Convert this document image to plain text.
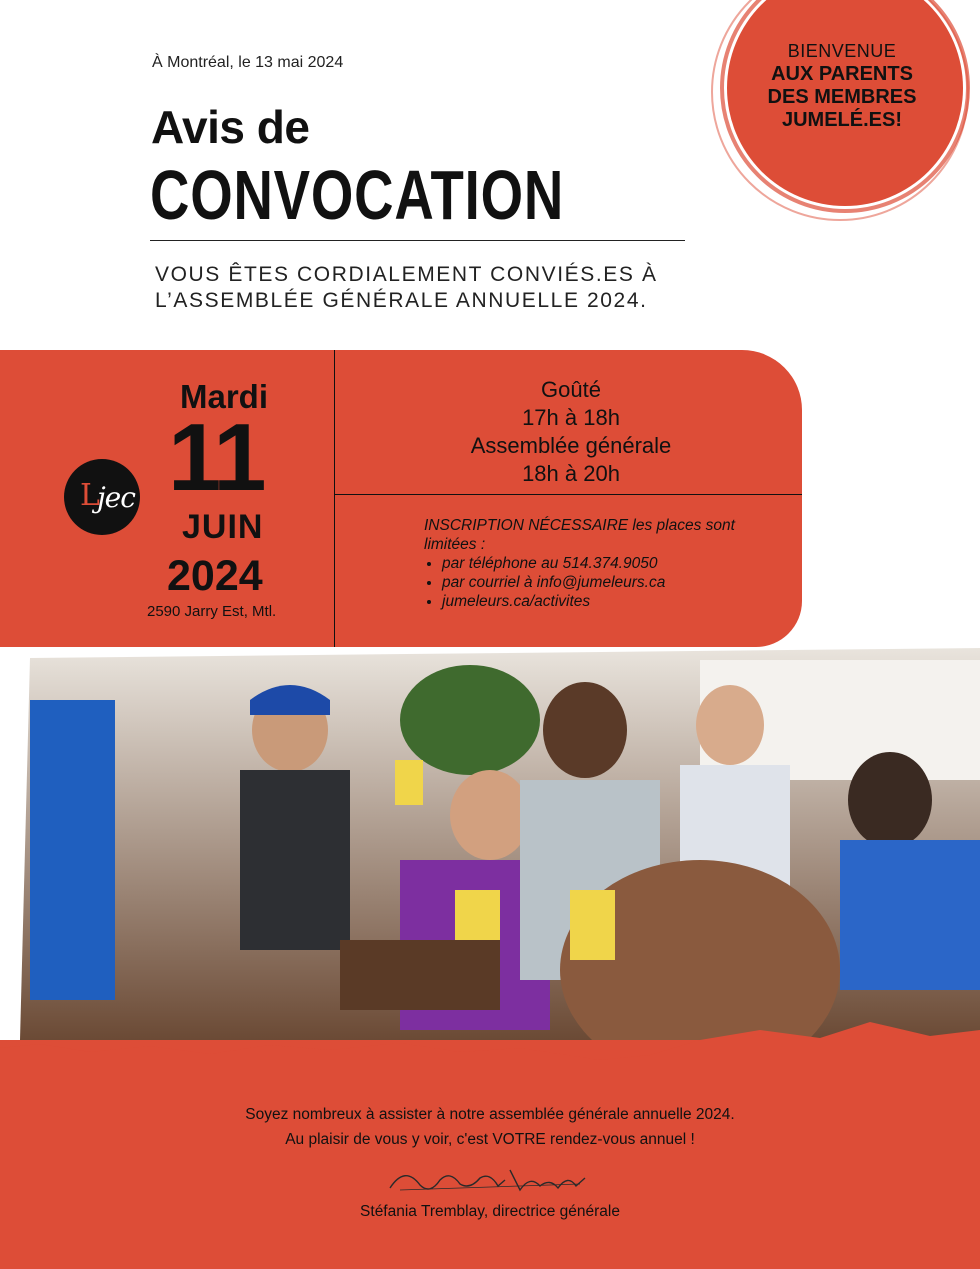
BIENVENUE
AUX PARENTS
DES MEMBRES
JUMELÉ.ES!
À Montréal, le 13 mai 2024
Avis de
CONVOCATION
VOUS ÊTES CORDIALEMENT CONVIÉS.ES À
L’ASSEMBLÉE GÉNÉRALE ANNUELLE 2024.
L
jec
Mardi
11
JUIN
2024
2590 Jarry Est, Mtl.
Goûté
17h à 18h
Assemblée générale
18h à 20h
INSCRIPTION NÉCESSAIRE les places sont limitées :
• par téléphone au 514.374.9050
• par courriel à info@jumeleurs.ca
• jumeleurs.ca/activites
Soyez nombreux à assister à notre assemblée générale annuelle 2024.
Au plaisir de vous y voir, c'est VOTRE rendez-vous annuel !
Stéfania Tremblay, directrice générale
